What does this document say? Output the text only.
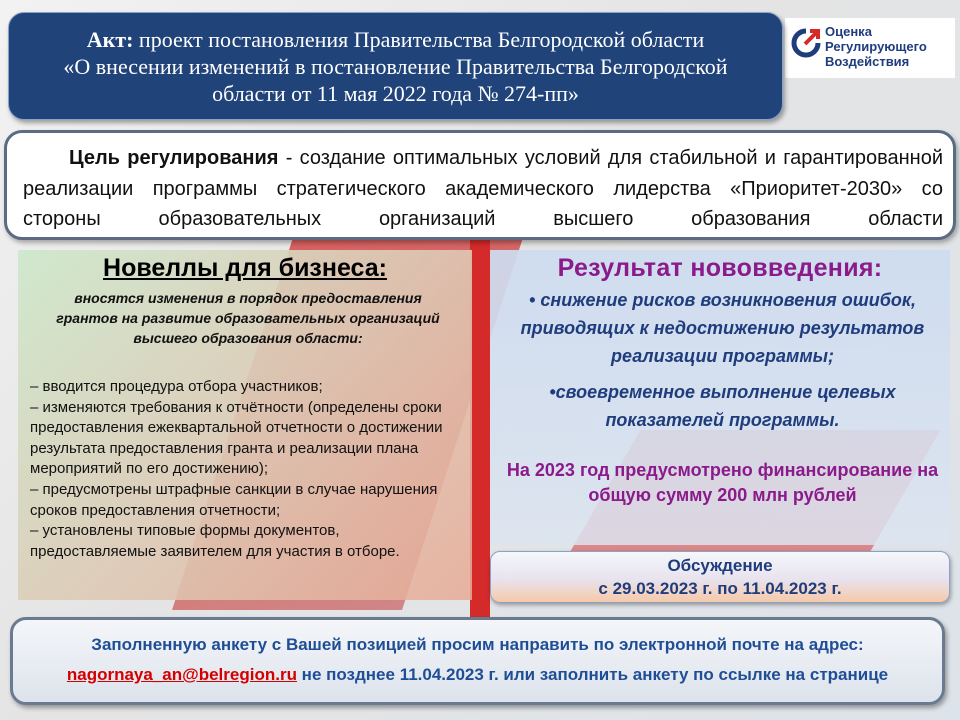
Оценка
Регулирующего
Воздействия
Акт: проект постановления Правительства Белгородской области
«О внесении изменений в постановление Правительства Белгородской
области от 11 мая 2022 года № 274-пп»
Цель регулирования - создание оптимальных условий для стабильной и гарантированной реализации программы стратегического академического лидерства «Приоритет-2030» со стороны образовательных организаций высшего образования области
Новеллы для бизнеса:
вносятся изменения в порядок предоставления грантов на развитие образовательных организаций высшего образования области:
– вводится процедура отбора участников;
– изменяются требования к отчётности (определены сроки предоставления ежеквартальной отчетности о достижении результата предоставления гранта и реализации плана мероприятий по его достижению);
– предусмотрены штрафные санкции в случае нарушения сроков предоставления отчетности;
– установлены типовые формы документов, предоставляемые заявителем для участия в отборе.
Результат нововведения:
• снижение рисков возникновения ошибок, приводящих к недостижению результатов реализации программы;
•своевременное выполнение целевых показателей программы.
На 2023 год предусмотрено финансирование на общую сумму 200 млн рублей
Обсуждение
с 29.03.2023 г. по 11.04.2023 г.
Заполненную анкету с Вашей позицией просим направить по электронной почте на адрес:
nagornaya_an@belregion.ru не позднее 11.04.2023 г. или заполнить анкету по ссылке на странице
